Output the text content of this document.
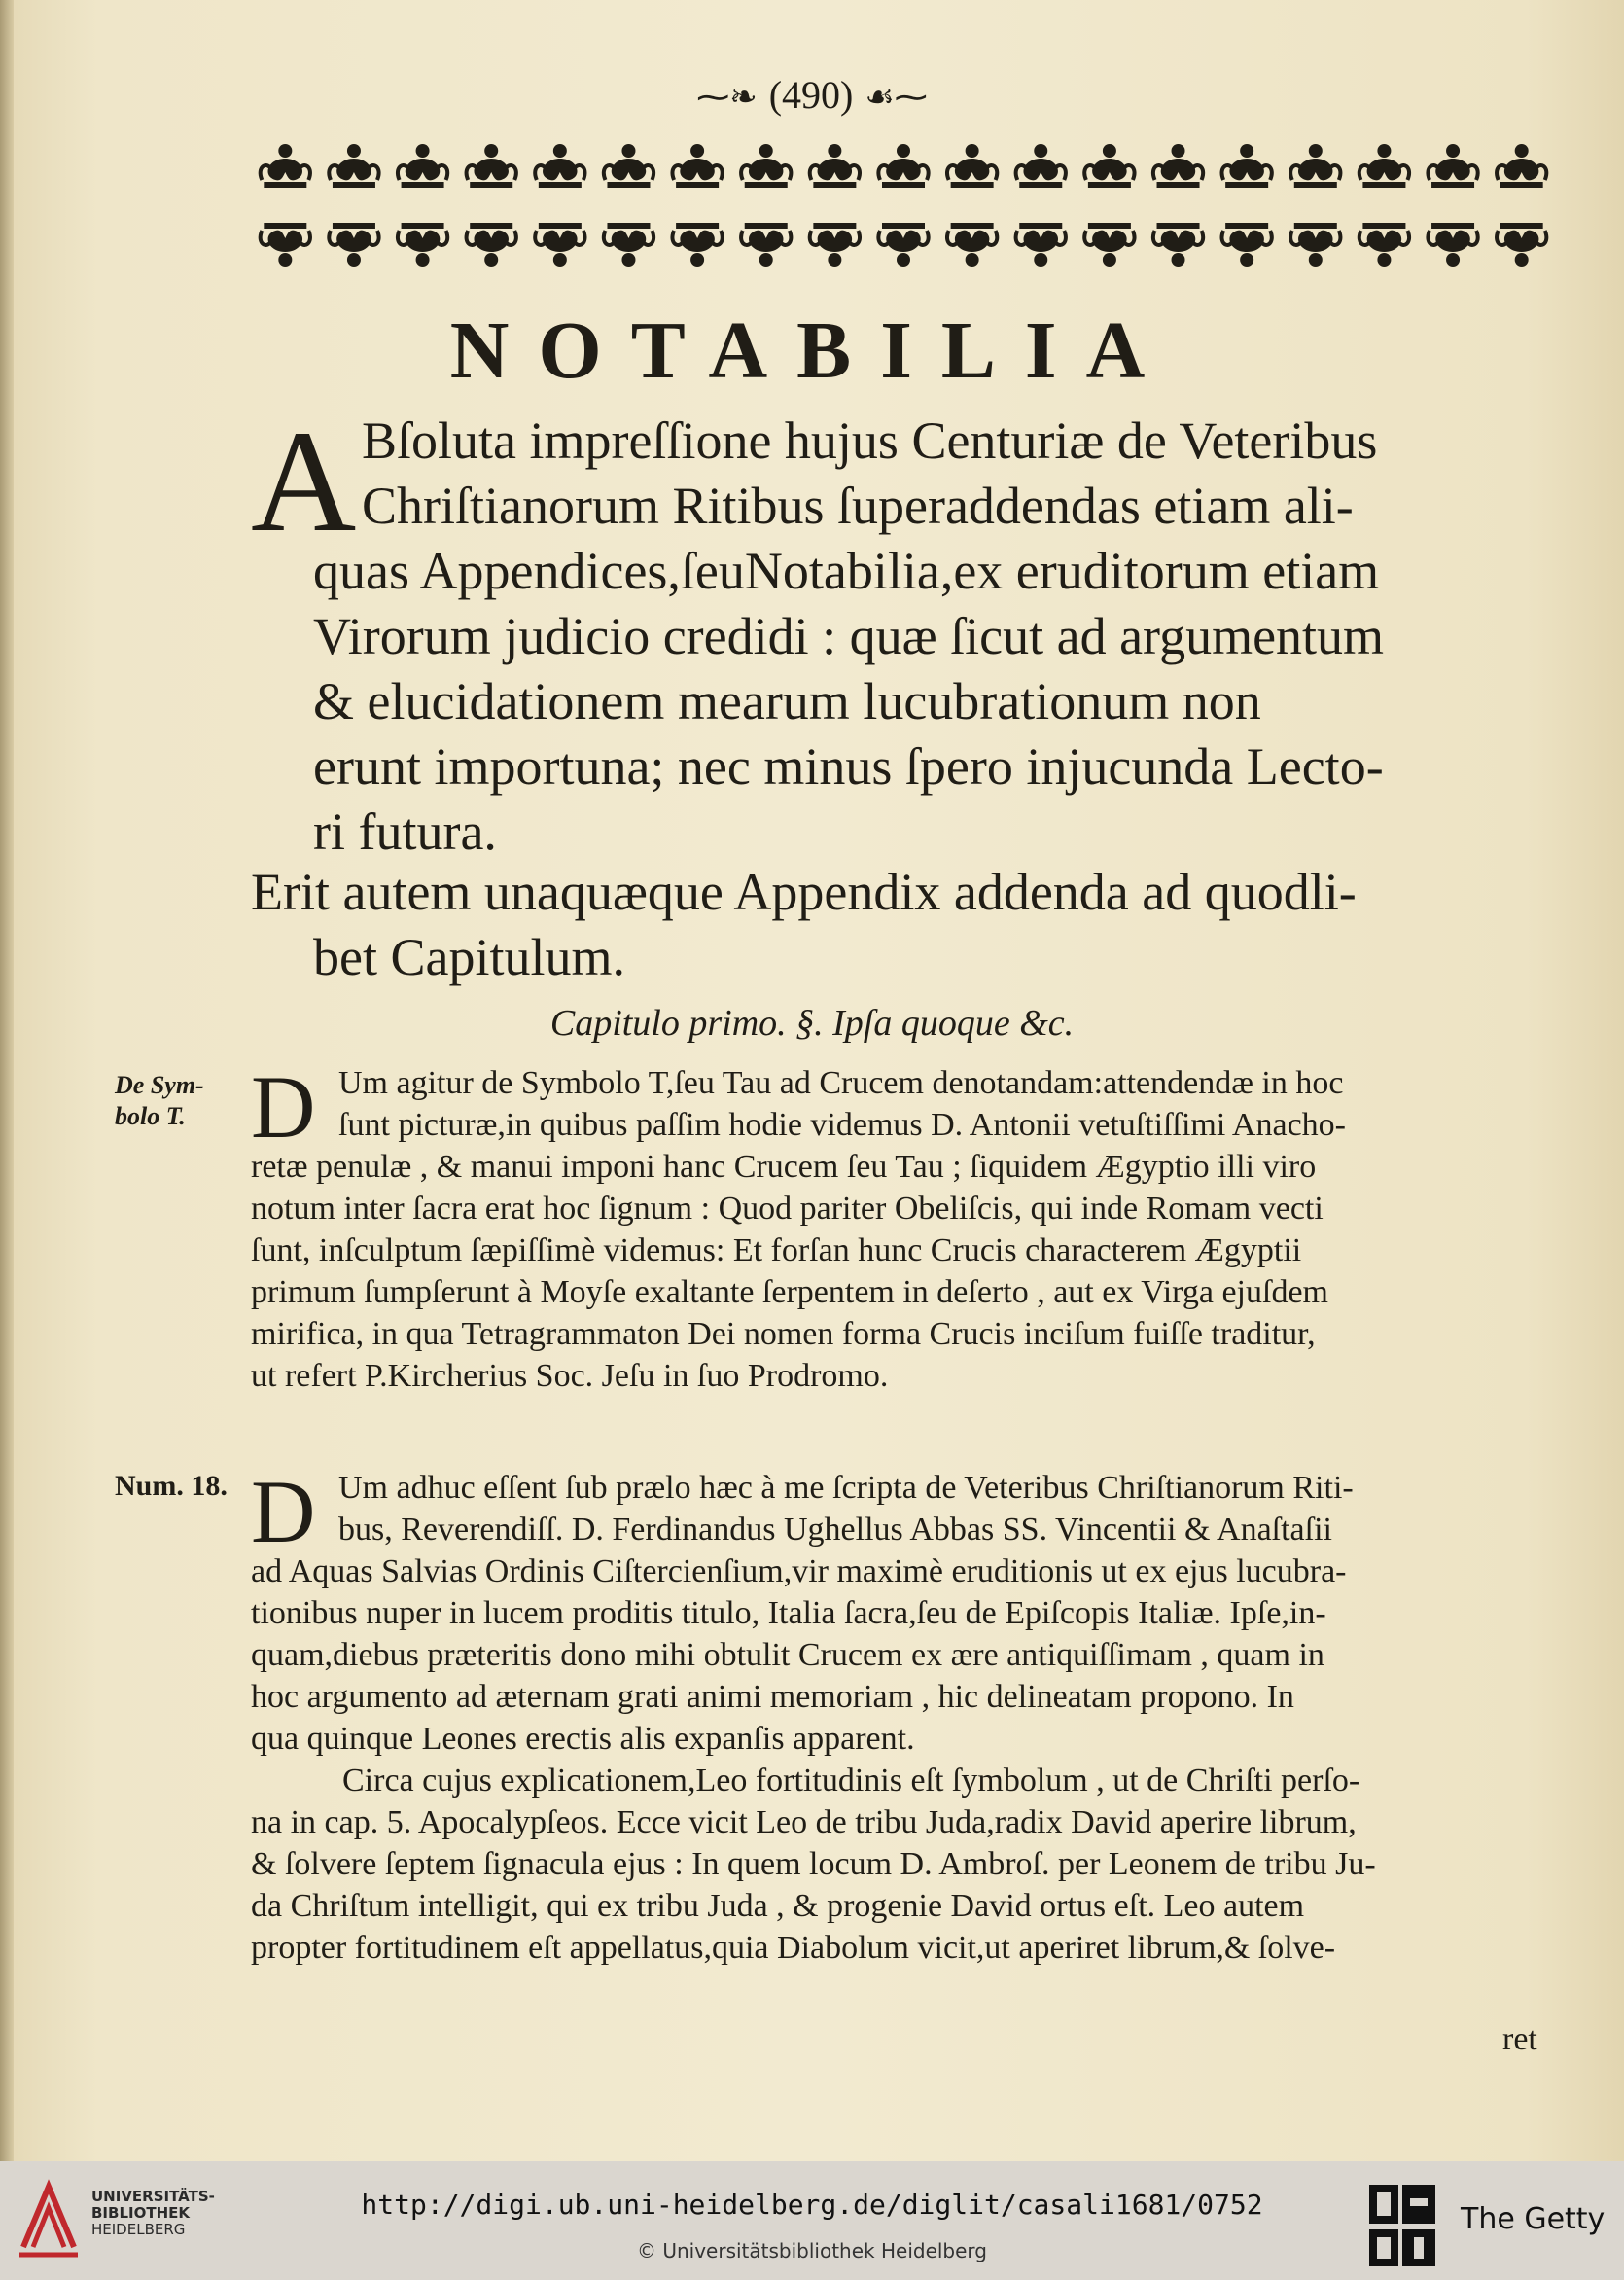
⁓❧ (490) ☙⁓
NOTABILIA
A Bſoluta impreſſione hujus Centuriæ de Veteribus
Chriſtianorum Ritibus ſuperaddendas etiam ali-
quas Appendices,ſeuNotabilia,ex eruditorum etiam
Virorum judicio credidi : quæ ſicut ad argumentum
& elucidationem mearum lucubrationum non
erunt importuna; nec minus ſpero injucunda Lecto-
ri futura.
Erit autem unaquæque Appendix addenda ad quodli-
bet Capitulum.
Capitulo primo. §. Ipſa quoque &c.
De Sym-
bolo T. D Um agitur de Symbolo T,ſeu Tau ad Crucem denotandam:attendendæ in hoc
ſunt picturæ,in quibus paſſim hodie videmus D. Antonii vetuſtiſſimi Anacho-
retæ penulæ , & manui imponi hanc Crucem ſeu Tau ; ſiquidem Ægyptio illi viro
notum inter ſacra erat hoc ſignum : Quod pariter Obeliſcis, qui inde Romam vecti
ſunt, inſculptum ſæpiſſimè videmus: Et forſan hunc Crucis characterem Ægyptii
primum ſumpſerunt à Moyſe exaltante ſerpentem in deſerto , aut ex Virga ejuſdem
mirifica, in qua Tetragrammaton Dei nomen forma Crucis inciſum fuiſſe traditur,
ut refert P.Kircherius Soc. Jeſu in ſuo Prodromo.
Num. 18. D Um adhuc eſſent ſub prælo hæc à me ſcripta de Veteribus Chriſtianorum Riti-
bus, Reverendiſſ. D. Ferdinandus Ughellus Abbas SS. Vincentii & Anaſtaſii
ad Aquas Salvias Ordinis Ciſtercienſium,vir maximè eruditionis ut ex ejus lucubra-
tionibus nuper in lucem proditis titulo, Italia ſacra,ſeu de Epiſcopis Italiæ. Ipſe,in-
quam,diebus præteritis dono mihi obtulit Crucem ex ære antiquiſſimam , quam in
hoc argumento ad æternam grati animi memoriam , hic delineatam propono. In
qua quinque Leones erectis alis expanſis apparent.
Circa cujus explicationem,Leo fortitudinis eſt ſymbolum , ut de Chriſti perſo-
na in cap. 5. Apocalypſeos. Ecce vicit Leo de tribu Juda,radix David aperire librum,
& ſolvere ſeptem ſignacula ejus : In quem locum D. Ambroſ. per Leonem de tribu Ju-
da Chriſtum intelligit, qui ex tribu Juda , & progenie David ortus eſt. Leo autem
propter fortitudinem eſt appellatus,quia Diabolum vicit,ut aperiret librum,& ſolve-
ret
UNIVERSITÄTS-
BIBLIOTHEK
HEIDELBERG
http://digi.ub.uni-heidelberg.de/diglit/casali1681/0752
© Universitätsbibliothek Heidelberg
The Getty
